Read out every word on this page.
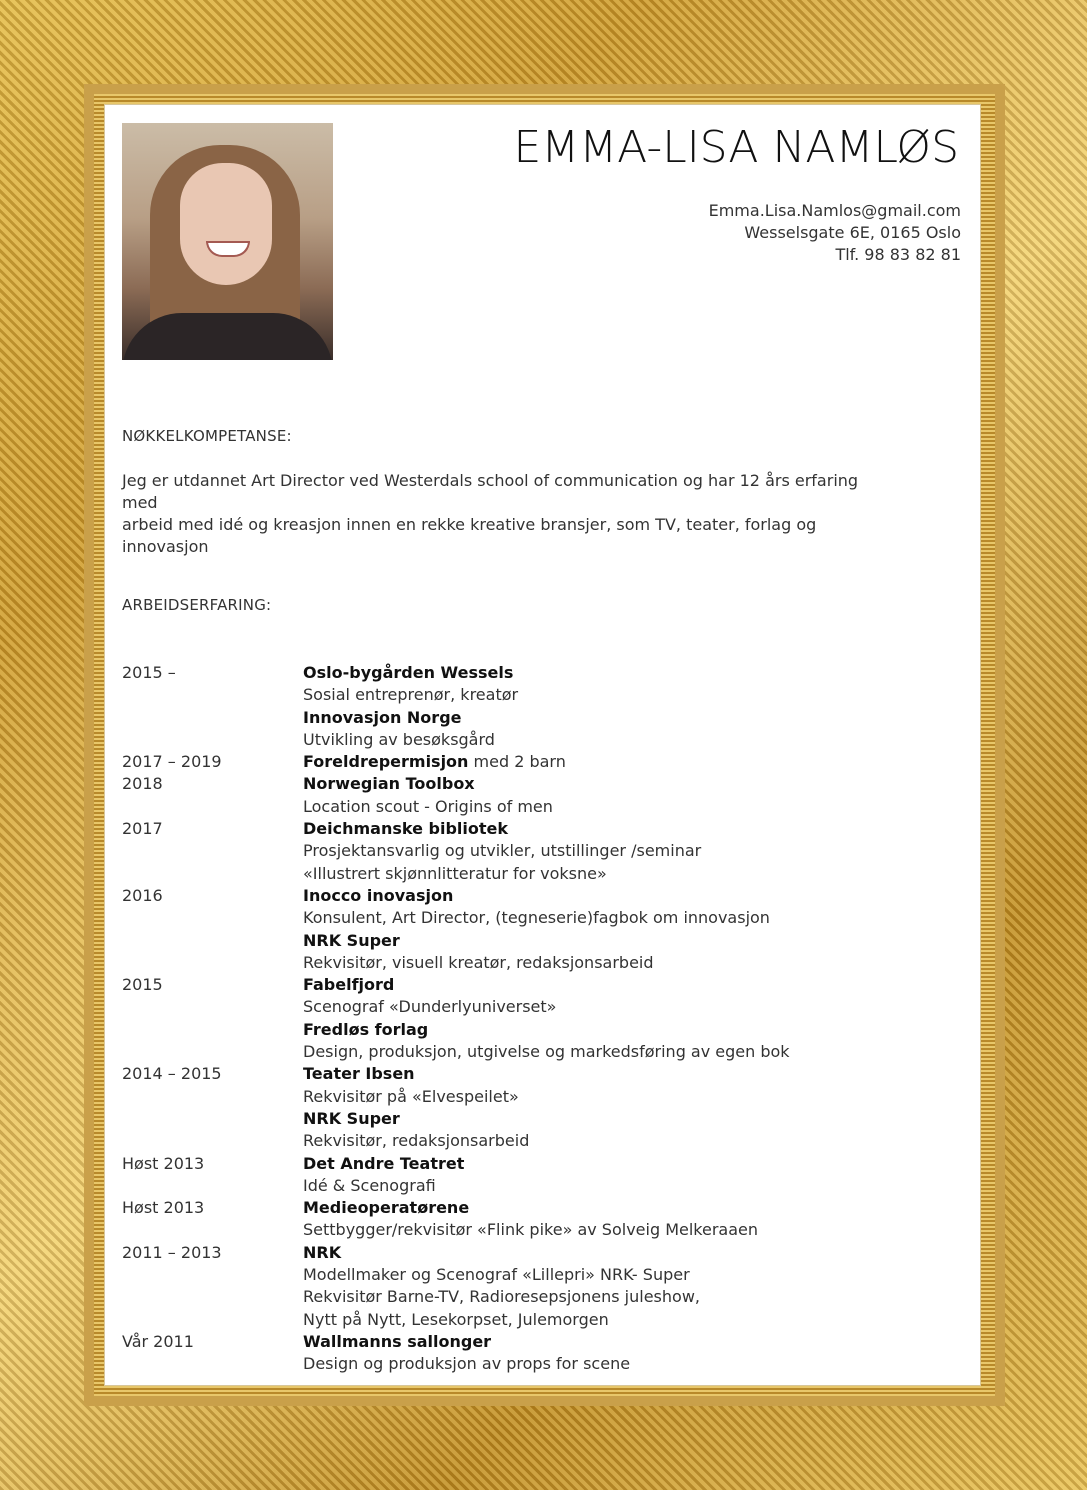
EMMA-LISA NAMLØS
Emma.Lisa.Namlos@gmail.com
Wesselsgate 6E, 0165 Oslo
Tlf. 98 83 82 81
NØKKELKOMPETANSE:
Jeg er utdannet Art Director ved Westerdals school of communication og har 12 års erfaring med
arbeid med idé og kreasjon innen en rekke kreative bransjer, som TV, teater, forlag og innovasjon
ARBEIDSERFARING:
2015 –	Oslo-bygården Wessels
Sosial entreprenør, kreatør
Innovasjon Norge
Utvikling av besøksgård
2017 – 2019	Foreldrepermisjon med 2 barn
2018	Norwegian Toolbox
Location scout - Origins of men
2017	Deichmanske bibliotek
Prosjektansvarlig og utvikler, utstillinger /seminar
«Illustrert skjønnlitteratur for voksne»
2016	Inocco inovasjon
Konsulent, Art Director, (tegneserie)fagbok om innovasjon
NRK Super
Rekvisitør, visuell kreatør, redaksjonsarbeid
2015	Fabelfjord
Scenograf «Dunderlyuniverset»
Fredløs forlag
Design, produksjon, utgivelse og markedsføring av egen bok
2014 – 2015	Teater Ibsen
Rekvisitør på «Elvespeilet»
NRK Super
Rekvisitør, redaksjonsarbeid
Høst 2013	Det Andre Teatret
Idé & Scenografi
Høst 2013	Medieoperatørene
Settbygger/rekvisitør «Flink pike» av Solveig Melkeraaen
2011 – 2013	NRK
Modellmaker og Scenograf «Lillepri» NRK- Super
Rekvisitør Barne-TV, Radioresepsjonens juleshow,
Nytt på Nytt, Lesekorpset, Julemorgen
Vår 2011	Wallmanns sallonger
Design og produksjon av props for scene
